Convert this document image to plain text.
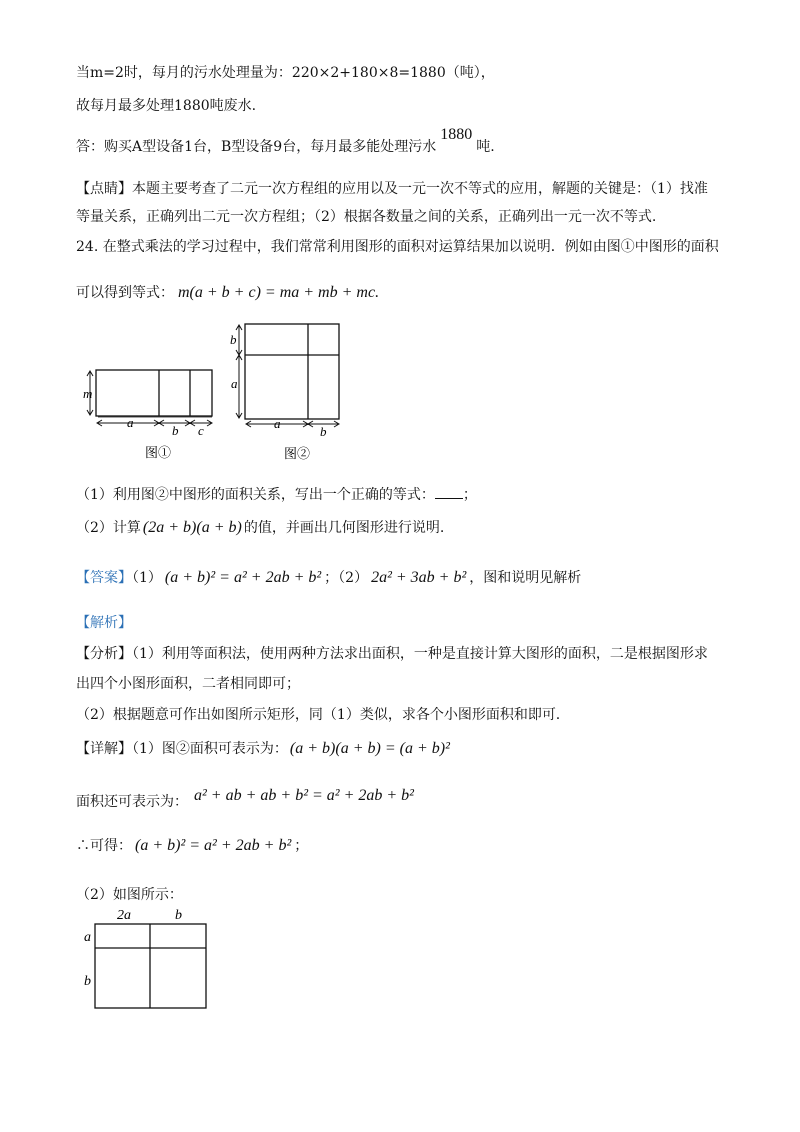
当m=2时，每月的污水处理量为：220×2+180×8=1880（吨），
故每月最多处理1880吨废水.
答：购买A型设备1台，B型设备9台，每月最多能处理污水1880吨.
【点睛】本题主要考查了二元一次方程组的应用以及一元一次不等式的应用，解题的关键是：（1）找准
等量关系，正确列出二元一次方程组；（2）根据各数量之间的关系，正确列出一元一次不等式.
24. 在整式乘法的学习过程中，我们常常利用图形的面积对运算结果加以说明．例如由图①中图形的面积
可以得到等式： m(a + b + c) = ma + mb + mc.
m
a
b c
图①
b
a
a
b
图②
（1）利用图②中图形的面积关系，写出一个正确的等式： ；
（2）计算 (2a + b)(a + b) 的值，并画出几何图形进行说明.
【答案】（1） (a + b)² = a² + 2ab + b² ；（2） 2a² + 3ab + b² ，图和说明见解析
【解析】
【分析】（1）利用等面积法，使用两种方法求出面积，一种是直接计算大图形的面积，二是根据图形求
出四个小图形面积，二者相同即可；
（2）根据题意可作出如图所示矩形，同（1）类似，求各个小图形面积和即可.
【详解】（1）图②面积可表示为： (a + b)(a + b) = (a + b)²
面积还可表示为： a² + ab + ab + b² = a² + 2ab + b²
∴可得： (a + b)² = a² + 2ab + b² ；
（2）如图所示：
2a	b
a
b
